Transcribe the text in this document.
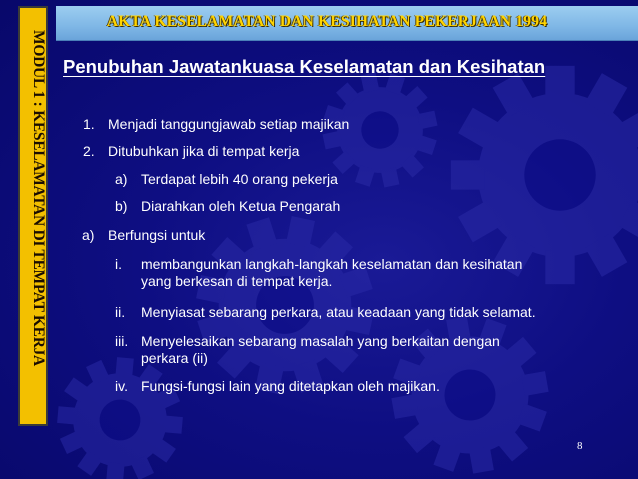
AKTA KESELAMATAN DAN KESIHATAN PEKERJAAN 1994
MODUL 1 : KESELAMATAN DI TEMPAT KERJA Penubuhan Jawatankuasa Keselamatan dan Kesihatan
1. Menjadi tanggungjawab setiap majikan
2. Ditubuhkan jika di tempat kerja
a) Terdapat lebih 40 orang pekerja
b) Diarahkan oleh Ketua Pengarah
a) Berfungsi untuk
i. membangunkan langkah-langkah keselamatan dan kesihatan
yang berkesan di tempat kerja.
ii. Menyiasat sebarang perkara, atau keadaan yang tidak selamat.
iii. Menyelesaikan sebarang masalah yang berkaitan dengan
perkara (ii)
iv. Fungsi-fungsi lain yang ditetapkan oleh majikan.
8
